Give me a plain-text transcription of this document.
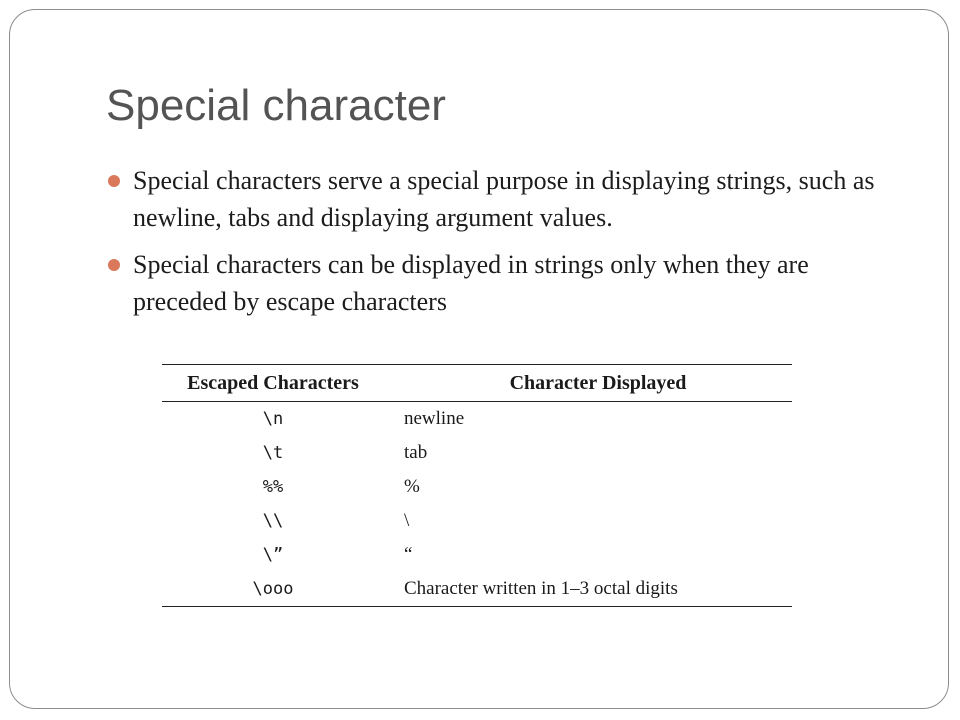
Special character
Special characters serve a special purpose in displaying strings, such as newline, tabs and displaying argument values.
Special characters can be displayed in strings only when they are preceded by escape characters
Escaped Characters	Character Displayed
\n	newline
\t	tab
%%	%
\\	\
\”	“
\ooo	Character written in 1–3 octal digits
